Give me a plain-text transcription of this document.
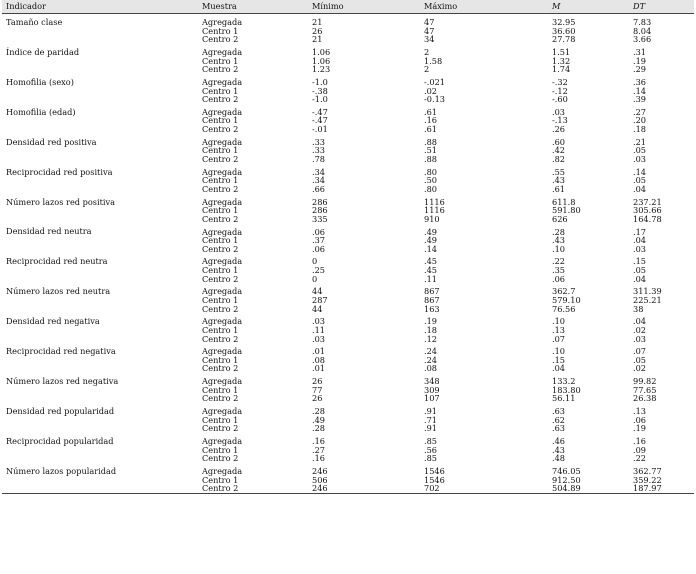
Indicador	Muestra	Mínimo	Máximo	M	DT
Tamaño clase	Agregada	21	47	32.95	7.83
	Centro 1	26	47	36.60	8.04
	Centro 2	21	34	27.78	3.66
Índice de paridad	Agregada	1.06	2	1.51	.31
	Centro 1	1.06	1.58	1.32	.19
	Centro 2	1.23	2	1.74	.29
Homofilia (sexo)	Agregada	-1.0	-.021	-.32	.36
	Centro 1	-.38	.02	-.12	.14
	Centro 2	-1.0	-0.13	-.60	.39
Homofilia (edad)	Agregada	-.47	.61	.03	.27
	Centro 1	-.47	.16	-.13	.20
	Centro 2	-.01	.61	.26	.18
Densidad red positiva	Agregada	.33	.88	.60	.21
	Centro 1	.33	.51	.42	.05
	Centro 2	.78	.88	.82	.03
Reciprocidad red positiva	Agregada	.34	.80	.55	.14
	Centro 1	.34	.50	.43	.05
	Centro 2	.66	.80	.61	.04
Número lazos red positiva	Agregada	286	1116	611.8	237.21
	Centro 1	286	1116	591.80	305.66
	Centro 2	335	910	626	164.78
Densidad red neutra	Agregada	.06	.49	.28	.17
	Centro 1	.37	.49	.43	.04
	Centro 2	.06	.14	.10	.03
Reciprocidad red neutra	Agregada	0	.45	.22	.15
	Centro 1	.25	.45	.35	.05
	Centro 2	0	.11	.06	.04
Número lazos red neutra	Agregada	44	867	362.7	311.39
	Centro 1	287	867	579.10	225.21
	Centro 2	44	163	76.56	38
Densidad red negativa	Agregada	.03	.19	.10	.04
	Centro 1	.11	.18	.13	.02
	Centro 2	.03	.12	.07	.03
Reciprocidad red negativa	Agregada	.01	.24	.10	.07
	Centro 1	.08	.24	.15	.05
	Centro 2	.01	.08	.04	.02
Número lazos red negativa	Agregada	26	348	133.2	99.82
	Centro 1	77	309	183.80	77.65
	Centro 2	26	107	56.11	26.38
Densidad red popularidad	Agregada	.28	.91	.63	.13
	Centro 1	.49	.71	.62	.06
	Centro 2	.28	.91	.63	.19
Reciprocidad popularidad	Agregada	.16	.85	.46	.16
	Centro 1	.27	.56	.43	.09
	Centro 2	.16	.85	.48	.22
Número lazos popularidad	Agregada	246	1546	746.05	362.77
	Centro 1	506	1546	912.50	359.22
	Centro 2	246	702	504.89	187.97
